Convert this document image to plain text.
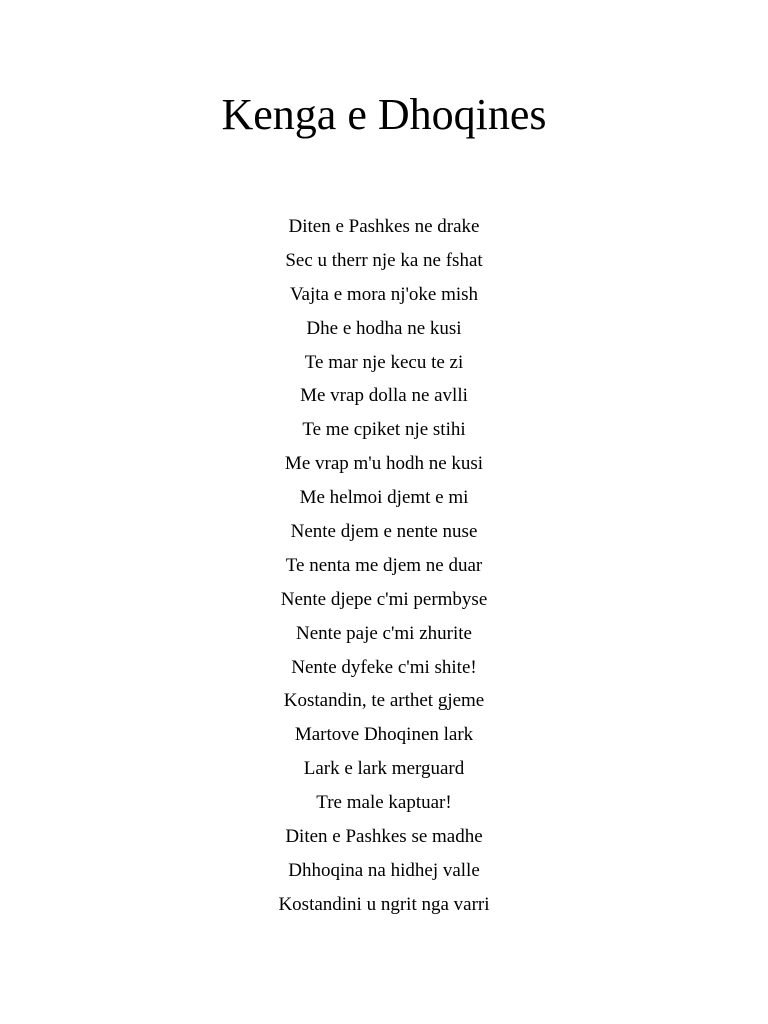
Kenga e Dhoqines
Diten e Pashkes ne drake
Sec u therr nje ka ne fshat
Vajta e mora nj'oke mish
Dhe e hodha ne kusi
Te mar nje kecu te zi
Me vrap dolla ne avlli
Te me cpiket nje stihi
Me vrap m'u hodh ne kusi
Me helmoi djemt e mi
Nente djem e nente nuse
Te nenta me djem ne duar
Nente djepe c'mi permbyse
Nente paje c'mi zhurite
Nente dyfeke c'mi shite!
Kostandin, te arthet gjeme
Martove Dhoqinen lark
Lark e lark merguard
Tre male kaptuar!
Diten e Pashkes se madhe
Dhhoqina na hidhej valle
Kostandini u ngrit nga varri
